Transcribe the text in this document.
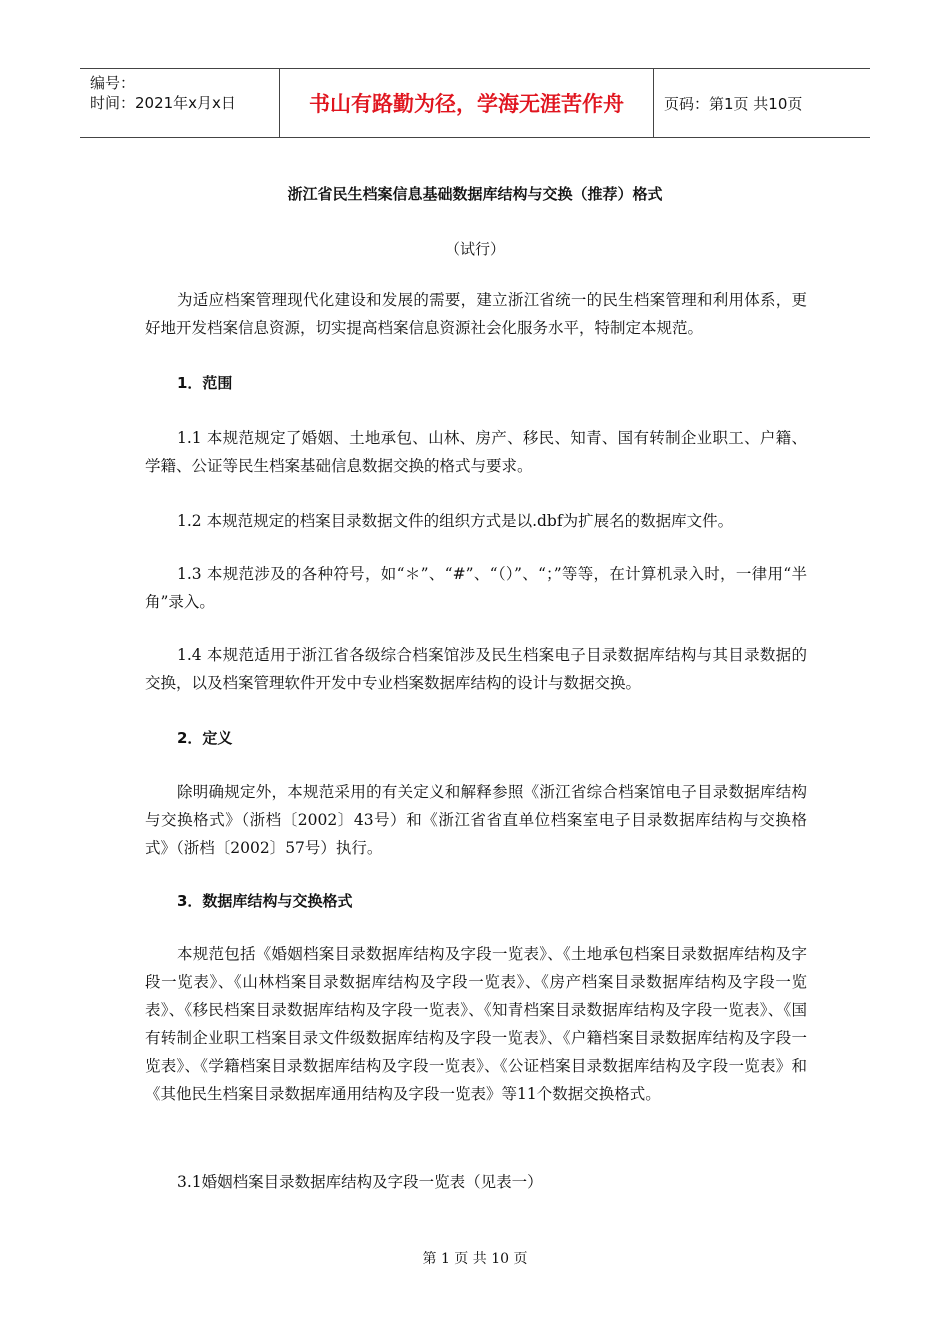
编号：
时间：2021年x月x日	书山有路勤为径，学海无涯苦作舟	页码：第1页 共10页
浙江省民生档案信息基础数据库结构与交换（推荐）格式
（试行）

为适应档案管理现代化建设和发展的需要，建立浙江省统一的民生档案管理和利用体系，更好地开发档案信息资源，切实提高档案信息资源社会化服务水平，特制定本规范。

1．范围

1.1 本规范规定了婚姻、土地承包、山林、房产、移民、知青、国有转制企业职工、户籍、学籍、公证等民生档案基础信息数据交换的格式与要求。

1.2 本规范规定的档案目录数据文件的组织方式是以.dbf为扩展名的数据库文件。

1.3 本规范涉及的各种符号，如“＊”、“#”、“（）”、“；”等等，在计算机录入时，一律用“半角”录入。

1.4 本规范适用于浙江省各级综合档案馆涉及民生档案电子目录数据库结构与其目录数据的交换，以及档案管理软件开发中专业档案数据库结构的设计与数据交换。

2．定义

除明确规定外，本规范采用的有关定义和解释参照《浙江省综合档案馆电子目录数据库结构与交换格式》（浙档〔2002〕43号）和《浙江省省直单位档案室电子目录数据库结构与交换格式》（浙档〔2002〕57号）执行。

3．数据库结构与交换格式

本规范包括《婚姻档案目录数据库结构及字段一览表》、《土地承包档案目录数据库结构及字段一览表》、《山林档案目录数据库结构及字段一览表》、《房产档案目录数据库结构及字段一览表》、《移民档案目录数据库结构及字段一览表》、《知青档案目录数据库结构及字段一览表》、《国有转制企业职工档案目录文件级数据库结构及字段一览表》、《户籍档案目录数据库结构及字段一览表》、《学籍档案目录数据库结构及字段一览表》、《公证档案目录数据库结构及字段一览表》和《其他民生档案目录数据库通用结构及字段一览表》等11个数据交换格式。

3.1婚姻档案目录数据库结构及字段一览表（见表一）

第 1 页 共 10 页
